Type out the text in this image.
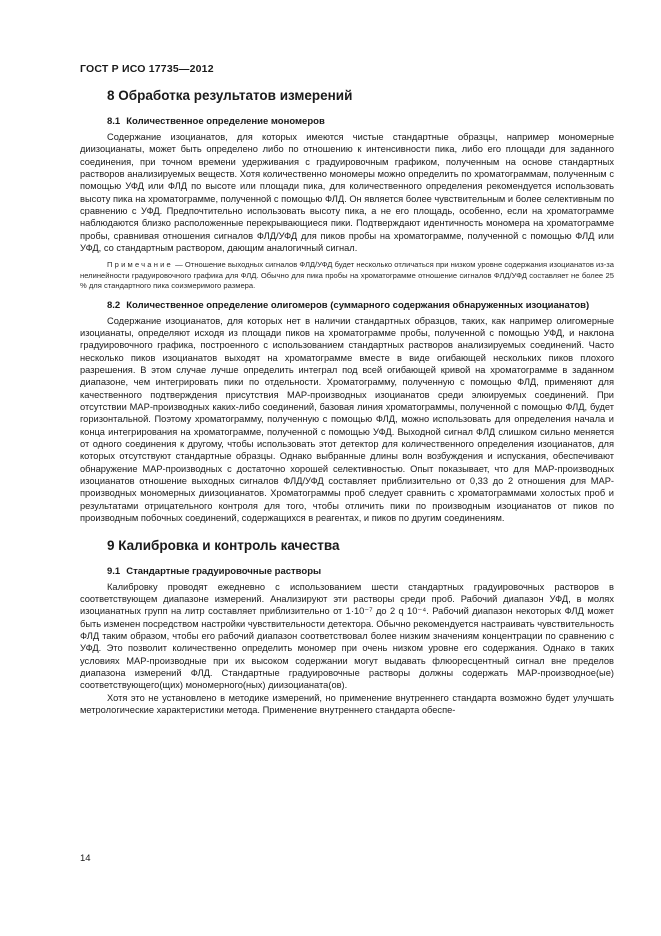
ГОСТ Р ИСО 17735—2012
8 Обработка результатов измерений
8.1 Количественное определение мономеров

Содержание изоцианатов, для которых имеются чистые стандартные образцы, например мономерные диизоцианаты, может быть определено либо по отношению к интенсивности пика, либо его площади для заданного соединения, при точном времени удерживания с градуировочным графиком, полученным на основе стандартных растворов анализируемых веществ. Хотя количественно мономеры можно определить по хроматограммам, полученным с помощью УФД или ФЛД по высоте или площади пика, для количественного определения рекомендуется использовать высоту пика на хроматограмме, полученной с помощью ФЛД. Он является более чувствительным и более селективным по сравнению с УФД. Предпочтительно использовать высоту пика, а не его площадь, особенно, если на хроматограмме наблюдаются близко расположенные перекрывающиеся пики. Подтверждают идентичность мономера на хроматограмме пробы, сравнивая отношения сигналов ФЛД/УФД для пиков пробы на хроматограмме, полученной с помощью ФЛД или УФД, со стандартным раствором, дающим аналогичный сигнал.

Примечание — Отношение выходных сигналов ФЛД/УФД будет несколько отличаться при низком уровне содержания изоцианатов из-за нелинейности градуировочного графика для ФЛД. Обычно для пика пробы на хроматограмме отношение сигналов ФЛД/УФД составляет не более 25 % для стандартного пика соизмеримого размера.

8.2 Количественное определение олигомеров (суммарного содержания обнаруженных изоцианатов)

Содержание изоцианатов, для которых нет в наличии стандартных образцов, таких, как например олигомерные изоцианаты, определяют исходя из площади пиков на хроматограмме пробы, полученной с помощью УФД, и наклона градуировочного графика, построенного с использованием стандартных растворов анализируемых соединений. Часто несколько пиков изоцианатов выходят на хроматограмме вместе в виде огибающей нескольких пиков плохого разрешения. В этом случае лучше определить интеграл под всей огибающей кривой на хроматограмме в заданном диапазоне, чем интегрировать пики по отдельности. Хроматограмму, полученную с помощью ФЛД, применяют для качественного подтверждения присутствия МАР-производных изоцианатов среди элюируемых соединений. При отсутствии МАР-производных каких-либо соединений, базовая линия хроматограммы, полученной с помощью ФЛД, будет горизонтальной. Поэтому хроматограмму, полученную с помощью ФЛД, можно использовать для определения начала и конца интегрирования на хроматограмме, полученной с помощью УФД. Выходной сигнал ФЛД слишком сильно меняется от одного соединения к другому, чтобы использовать этот детектор для количественного определения изоцианатов, для которых отсутствуют стандартные образцы. Однако выбранные длины волн возбуждения и испускания, обеспечивают обнаружение МАР-производных с достаточно хорошей селективностью. Опыт показывает, что для МАР-производных изоцианатов отношение выходных сигналов ФЛД/УФД составляет приблизительно от 0,33 до 2 отношения для МАР-производных мономерных диизоцианатов. Хроматограммы проб следует сравнить с хроматограммами холостых проб и результатами отрицательного контроля для того, чтобы отличить пики по производным изоцианатов от пиков по производным побочных соединений, содержащихся в реагентах, и пиков по другим соединениям.

9 Калибровка и контроль качества
9.1 Стандартные градуировочные растворы

Калибровку проводят ежедневно с использованием шести стандартных градуировочных растворов в соответствующем диапазоне измерений. Анализируют эти растворы среди проб. Рабочий диапазон УФД, в молях изоцианатных групп на литр составляет приблизительно от 1·10⁻⁷ до 2 q 10⁻⁴. Рабочий диапазон некоторых ФЛД может быть изменен посредством настройки чувствительности детектора. Обычно рекомендуется настраивать чувствительность ФЛД таким образом, чтобы его рабочий диапазон соответствовал более низким значениям концентрации по сравнению с УФД. Это позволит количественно определить мономер при очень низком уровне его содержания. Однако в таких условиях МАР-производные при их высоком содержании могут выдавать флюоресцентный сигнал вне пределов диапазона измерений ФЛД. Стандартные градуировочные растворы должны содержать МАР-производное(ые) соответствующего(щих) мономерного(ных) диизоцианата(ов).

Хотя это не установлено в методике измерений, но применение внутреннего стандарта возможно будет улучшать метрологические характеристики метода. Применение внутреннего стандарта обеспе-

14
